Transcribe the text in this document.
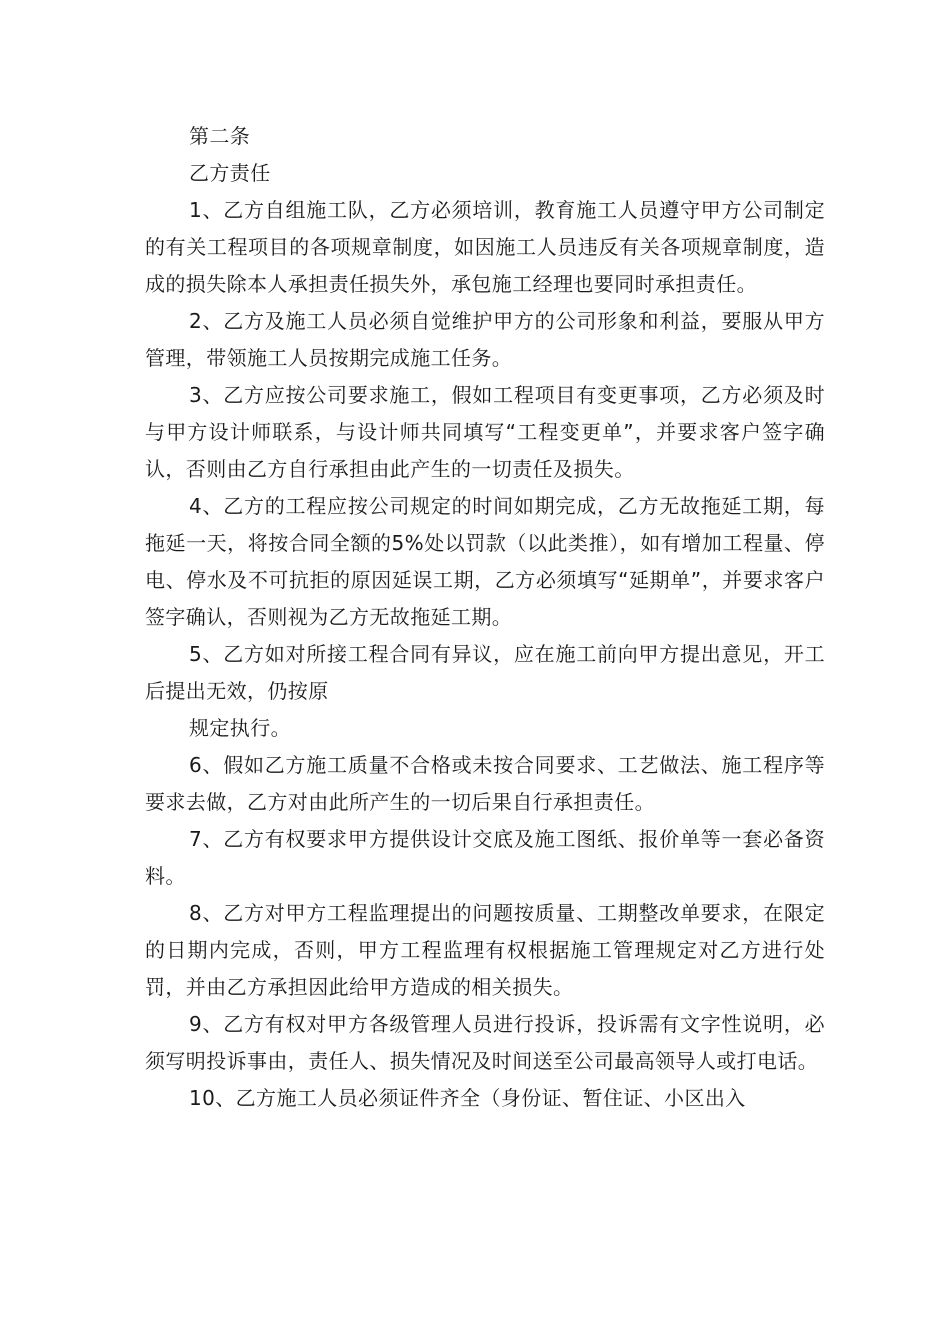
第二条

乙方责任

1、乙方自组施工队，乙方必须培训，教育施工人员遵守甲方公司制定的有关工程项目的各项规章制度，如因施工人员违反有关各项规章制度，造成的损失除本人承担责任损失外，承包施工经理也要同时承担责任。

2、乙方及施工人员必须自觉维护甲方的公司形象和利益，要服从甲方管理，带领施工人员按期完成施工任务。

3、乙方应按公司要求施工，假如工程项目有变更事项，乙方必须及时与甲方设计师联系，与设计师共同填写“工程变更单”，并要求客户签字确认，否则由乙方自行承担由此产生的一切责任及损失。

4、乙方的工程应按公司规定的时间如期完成，乙方无故拖延工期，每拖延一天，将按合同全额的5%处以罚款（以此类推），如有增加工程量、停电、停水及不可抗拒的原因延误工期，乙方必须填写“延期单”，并要求客户签字确认，否则视为乙方无故拖延工期。

5、乙方如对所接工程合同有异议，应在施工前向甲方提出意见，开工后提出无效，仍按原

规定执行。

6、假如乙方施工质量不合格或未按合同要求、工艺做法、施工程序等要求去做，乙方对由此所产生的一切后果自行承担责任。

7、乙方有权要求甲方提供设计交底及施工图纸、报价单等一套必备资料。

8、乙方对甲方工程监理提出的问题按质量、工期整改单要求，在限定的日期内完成，否则，甲方工程监理有权根据施工管理规定对乙方进行处罚，并由乙方承担因此给甲方造成的相关损失。

9、乙方有权对甲方各级管理人员进行投诉，投诉需有文字性说明，必须写明投诉事由，责任人、损失情况及时间送至公司最高领导人或打电话。

10、乙方施工人员必须证件齐全（身份证、暂住证、小区出入
